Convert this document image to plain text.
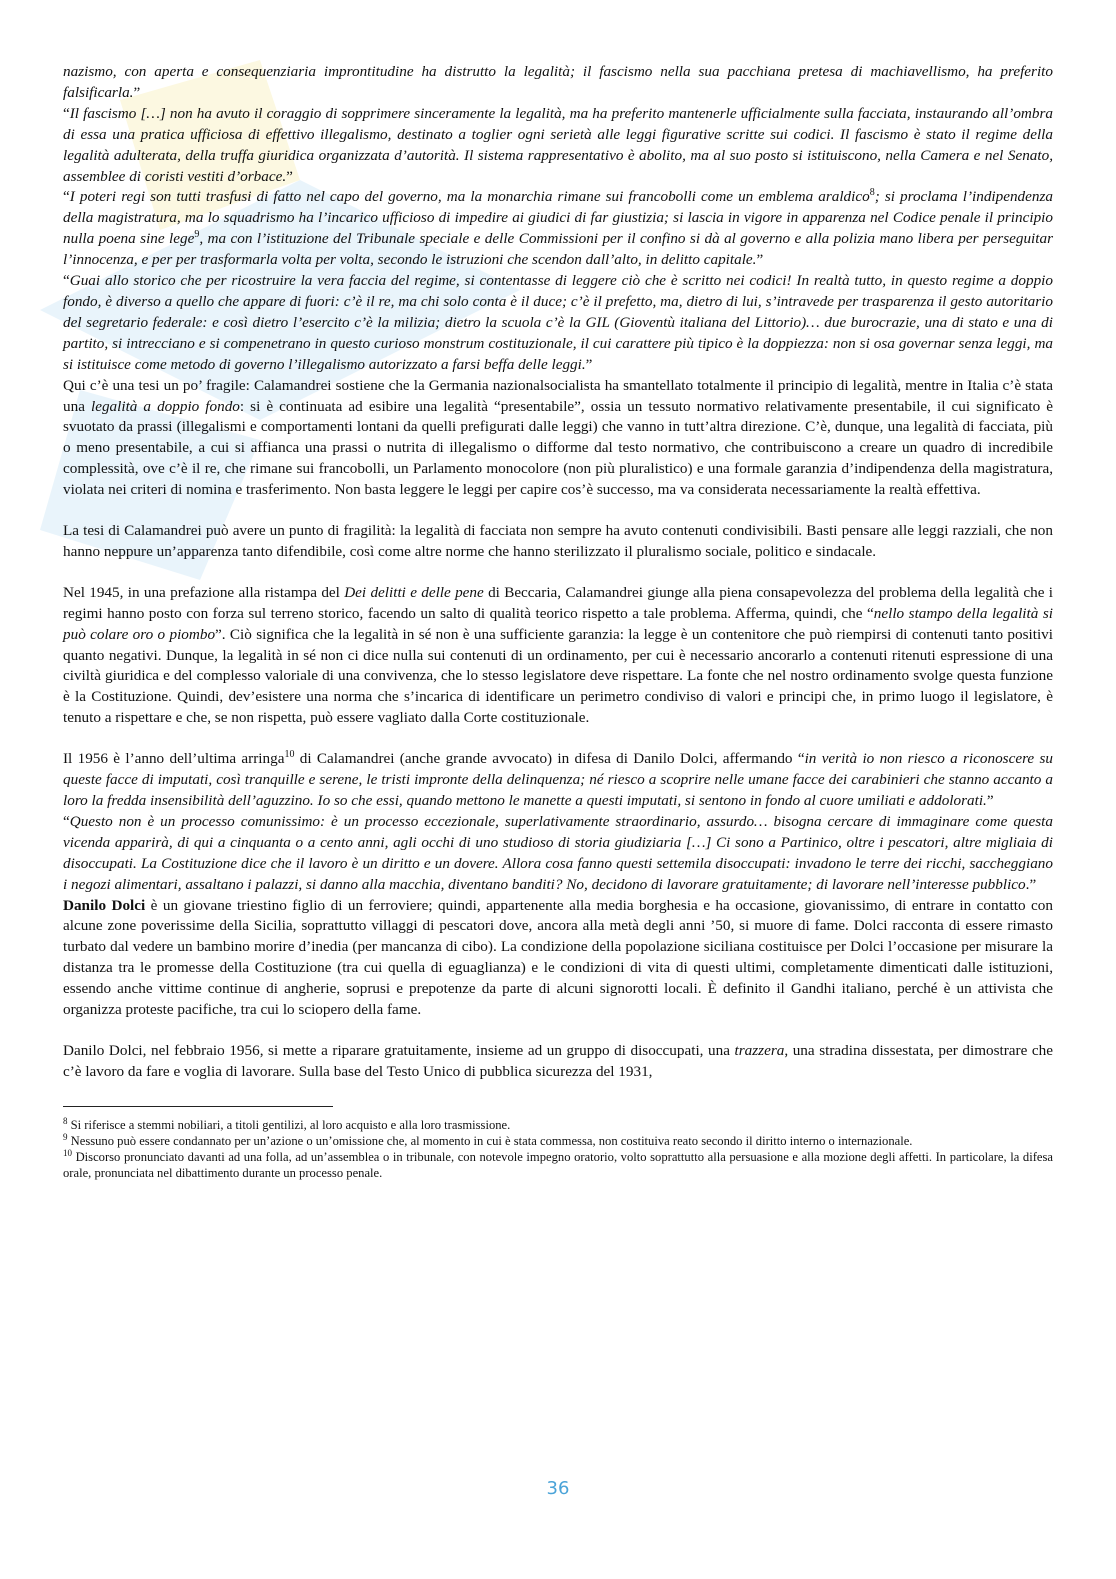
nazismo, con aperta e consequenziaria improntitudine ha distrutto la legalità; il fascismo nella sua pacchiana pretesa di machiavellismo, ha preferito falsificarla.”

“Il fascismo […] non ha avuto il coraggio di sopprimere sinceramente la legalità, ma ha preferito mantenerle ufficialmente sulla facciata, instaurando all’ombra di essa una pratica ufficiosa di effettivo illegalismo, destinato a toglier ogni serietà alle leggi figurative scritte sui codici. Il fascismo è stato il regime della legalità adulterata, della truffa giuridica organizzata d’autorità. Il sistema rappresentativo è abolito, ma al suo posto si istituiscono, nella Camera e nel Senato, assemblee di coristi vestiti d’orbace.”

“I poteri regi son tutti trasfusi di fatto nel capo del governo, ma la monarchia rimane sui francobolli come un emblema araldico$^8$; si proclama l’indipendenza della magistratura, ma lo squadrismo ha l’incarico ufficioso di impedire ai giudici di far giustizia; si lascia in vigore in apparenza nel Codice penale il principio nulla poena sine lege$^9$, ma con l’istituzione del Tribunale speciale e delle Commissioni per il confino si dà al governo e alla polizia mano libera per perseguitar l’innocenza, e per per trasformarla volta per volta, secondo le istruzioni che scendon dall’alto, in delitto capitale.”

“Guai allo storico che per ricostruire la vera faccia del regime, si contentasse di leggere ciò che è scritto nei codici! In realtà tutto, in questo regime a doppio fondo, è diverso a quello che appare di fuori: c’è il re, ma chi solo conta è il duce; c’è il prefetto, ma, dietro di lui, s’intravede per trasparenza il gesto autoritario del segretario federale: e così dietro l’esercito c’è la milizia; dietro la scuola c’è la GIL (Gioventù italiana del Littorio)… due burocrazie, una di stato e una di partito, si intrecciano e si compenetrano in questo curioso monstrum costituzionale, il cui carattere più tipico è la doppiezza: non si osa governar senza leggi, ma si istituisce come metodo di governo l’illegalismo autorizzato a farsi beffa delle leggi.”

Qui c’è una tesi un po’ fragile: Calamandrei sostiene che la Germania nazionalsocialista ha smantellato totalmente il principio di legalità, mentre in Italia c’è stata una legalità a doppio fondo: si è continuata ad esibire una legalità “presentabile”, ossia un tessuto normativo relativamente presentabile, il cui significato è svuotato da prassi (illegalismi e comportamenti lontani da quelli prefigurati dalle leggi) che vanno in tutt’altra direzione. C’è, dunque, una legalità di facciata, più o meno presentabile, a cui si affianca una prassi o nutrita di illegalismo o difforme dal testo normativo, che contribuiscono a creare un quadro di incredibile complessità, ove c’è il re, che rimane sui francobolli, un Parlamento monocolore (non più pluralistico) e una formale garanzia d’indipendenza della magistratura, violata nei criteri di nomina e trasferimento. Non basta leggere le leggi per capire cos’è successo, ma va considerata necessariamente la realtà effettiva.

La tesi di Calamandrei può avere un punto di fragilità: la legalità di facciata non sempre ha avuto contenuti condivisibili. Basti pensare alle leggi razziali, che non hanno neppure un’apparenza tanto difendibile, così come altre norme che hanno sterilizzato il pluralismo sociale, politico e sindacale.

Nel 1945, in una prefazione alla ristampa del Dei delitti e delle pene di Beccaria, Calamandrei giunge alla piena consapevolezza del problema della legalità che i regimi hanno posto con forza sul terreno storico, facendo un salto di qualità teorico rispetto a tale problema. Afferma, quindi, che “nello stampo della legalità si può colare oro o piombo”. Ciò significa che la legalità in sé non è una sufficiente garanzia: la legge è un contenitore che può riempirsi di contenuti tanto positivi quanto negativi. Dunque, la legalità in sé non ci dice nulla sui contenuti di un ordinamento, per cui è necessario ancorarlo a contenuti ritenuti espressione di una civiltà giuridica e del complesso valoriale di una convivenza, che lo stesso legislatore deve rispettare. La fonte che nel nostro ordinamento svolge questa funzione è la Costituzione. Quindi, dev’esistere una norma che s’incarica di identificare un perimetro condiviso di valori e principi che, in primo luogo il legislatore, è tenuto a rispettare e che, se non rispetta, può essere vagliato dalla Corte costituzionale.

Il 1956 è l’anno dell’ultima arringa$^{10}$ di Calamandrei (anche grande avvocato) in difesa di Danilo Dolci, affermando “in verità io non riesco a riconoscere su queste facce di imputati, così tranquille e serene, le tristi impronte della delinquenza; né riesco a scoprire nelle umane facce dei carabinieri che stanno accanto a loro la fredda insensibilità dell’aguzzino. Io so che essi, quando mettono le manette a questi imputati, si sentono in fondo al cuore umiliati e addolorati.”

“Questo non è un processo comunissimo: è un processo eccezionale, superlativamente straordinario, assurdo… bisogna cercare di immaginare come questa vicenda apparirà, di qui a cinquanta o a cento anni, agli occhi di uno studioso di storia giudiziaria […] Ci sono a Partinico, oltre i pescatori, altre migliaia di disoccupati. La Costituzione dice che il lavoro è un diritto e un dovere. Allora cosa fanno questi settemila disoccupati: invadono le terre dei ricchi, saccheggiano i negozi alimentari, assaltano i palazzi, si danno alla macchia, diventano banditi? No, decidono di lavorare gratuitamente; di lavorare nell’interesse pubblico.”

Danilo Dolci è un giovane triestino figlio di un ferroviere; quindi, appartenente alla media borghesia e ha occasione, giovanissimo, di entrare in contatto con alcune zone poverissime della Sicilia, soprattutto villaggi di pescatori dove, ancora alla metà degli anni ’50, si muore di fame. Dolci racconta di essere rimasto turbato dal vedere un bambino morire d’inedia (per mancanza di cibo). La condizione della popolazione siciliana costituisce per Dolci l’occasione per misurare la distanza tra le promesse della Costituzione (tra cui quella di eguaglianza) e le condizioni di vita di questi ultimi, completamente dimenticati dalle istituzioni, essendo anche vittime continue di angherie, soprusi e prepotenze da parte di alcuni signorotti locali. È definito il Gandhi italiano, perché è un attivista che organizza proteste pacifiche, tra cui lo sciopero della fame.

Danilo Dolci, nel febbraio 1956, si mette a riparare gratuitamente, insieme ad un gruppo di disoccupati, una trazzera, una stradina dissestata, per dimostrare che c’è lavoro da fare e voglia di lavorare. Sulla base del Testo Unico di pubblica sicurezza del 1931,

$^8$ Si riferisce a stemmi nobiliari, a titoli gentilizi, al loro acquisto e alla loro trasmissione.

$^9$ Nessuno può essere condannato per un’azione o un’omissione che, al momento in cui è stata commessa, non costituiva reato secondo il diritto interno o internazionale.

$^{10}$ Discorso pronunciato davanti ad una folla, ad un’assemblea o in tribunale, con notevole impegno oratorio, volto soprattutto alla persuasione e alla mozione degli affetti. In particolare, la difesa orale, pronunciata nel dibattimento durante un processo penale.

36
